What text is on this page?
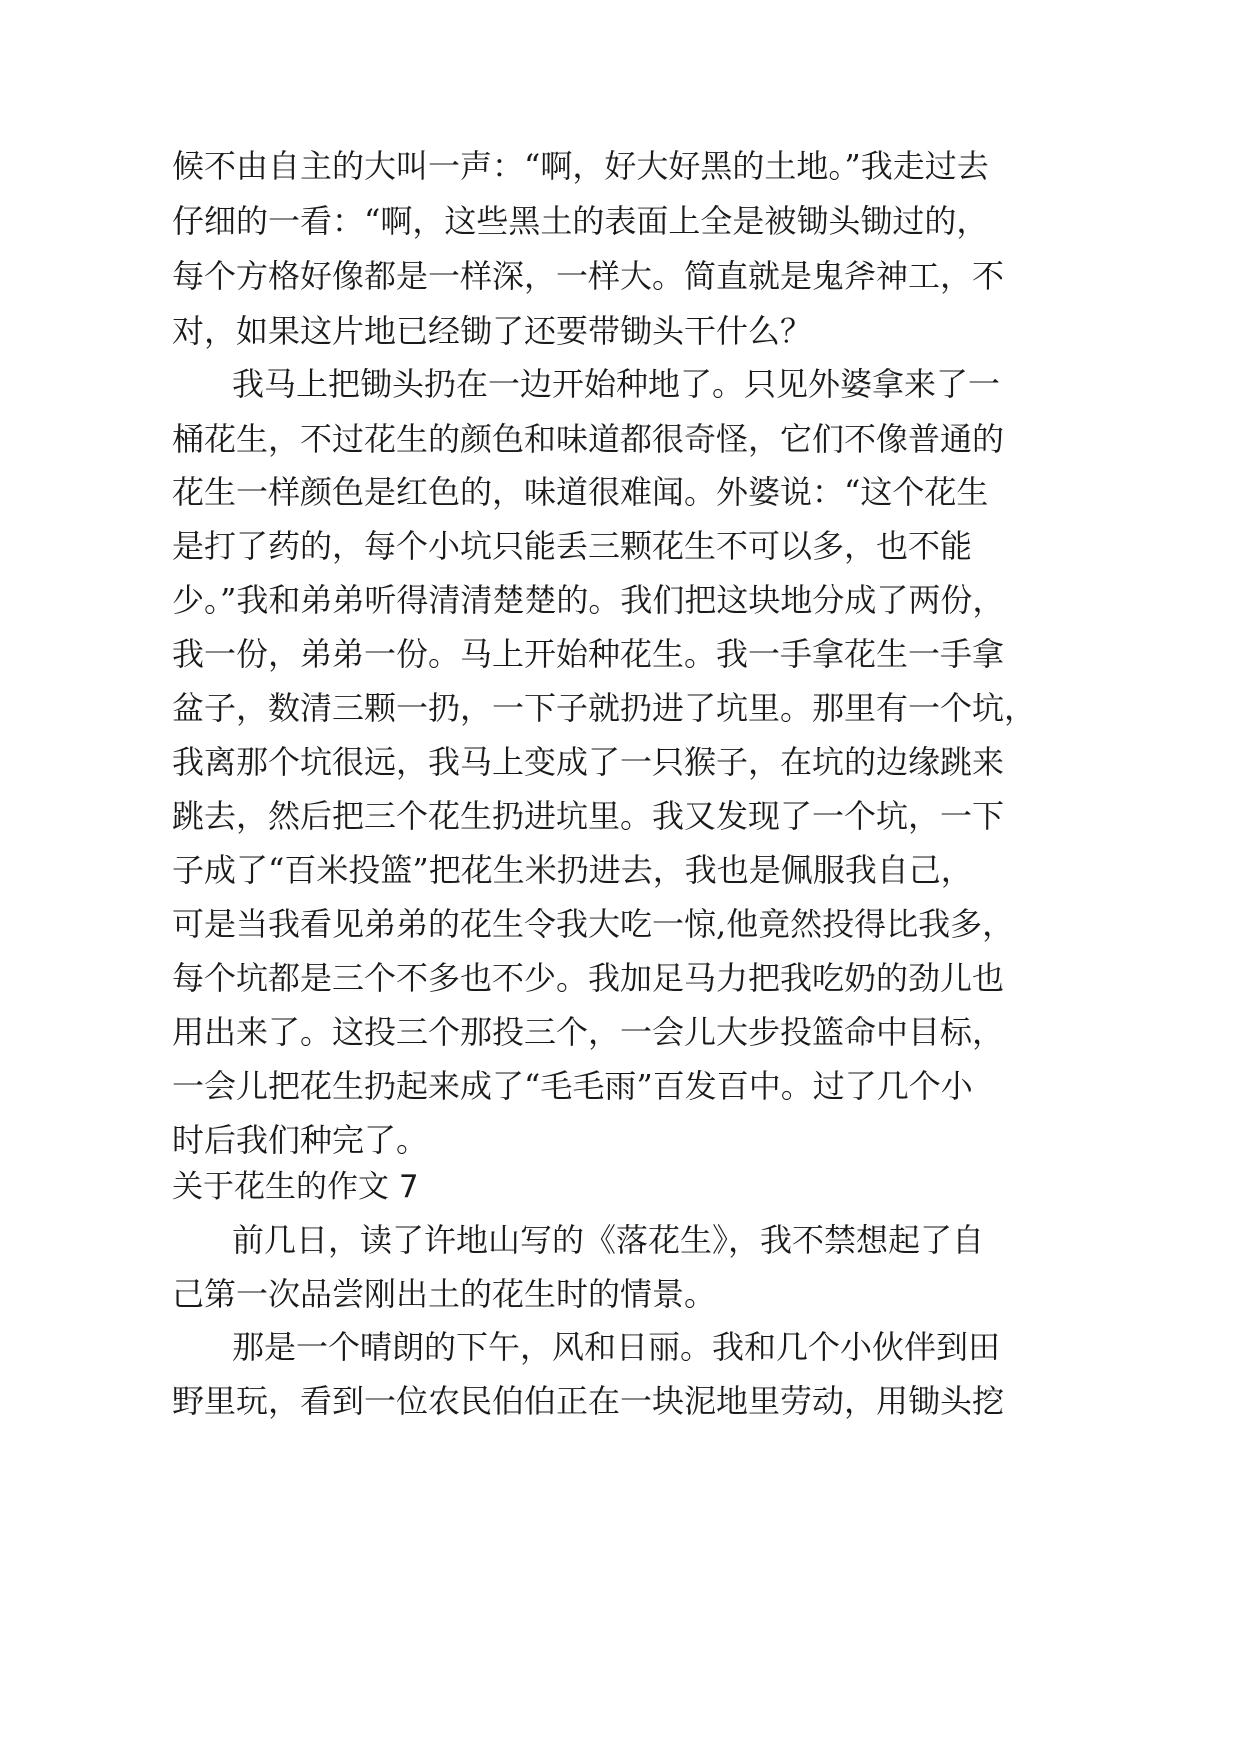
候不由自主的大叫一声：“啊，好大好黑的土地。”我走过去
仔细的一看：“啊，这些黑土的表面上全是被锄头锄过的，
每个方格好像都是一样深，一样大。简直就是鬼斧神工，不
对，如果这片地已经锄了还要带锄头干什么？
我马上把锄头扔在一边开始种地了。只见外婆拿来了一
桶花生，不过花生的颜色和味道都很奇怪，它们不像普通的
花生一样颜色是红色的，味道很难闻。外婆说：“这个花生
是打了药的，每个小坑只能丢三颗花生不可以多，也不能
少。”我和弟弟听得清清楚楚的。我们把这块地分成了两份，
我一份，弟弟一份。马上开始种花生。我一手拿花生一手拿
盆子，数清三颗一扔，一下子就扔进了坑里。那里有一个坑，
我离那个坑很远，我马上变成了一只猴子，在坑的边缘跳来
跳去，然后把三个花生扔进坑里。我又发现了一个坑，一下
子成了“百米投篮”把花生米扔进去，我也是佩服我自己，
可是当我看见弟弟的花生令我大吃一惊,他竟然投得比我多，
每个坑都是三个不多也不少。我加足马力把我吃奶的劲儿也
用出来了。这投三个那投三个，一会儿大步投篮命中目标，
一会儿把花生扔起来成了“毛毛雨”百发百中。过了几个小
时后我们种完了。
关于花生的作文 7
前几日，读了许地山写的《落花生》，我不禁想起了自
己第一次品尝刚出土的花生时的情景。
那是一个晴朗的下午，风和日丽。我和几个小伙伴到田
野里玩，看到一位农民伯伯正在一块泥地里劳动，用锄头挖
